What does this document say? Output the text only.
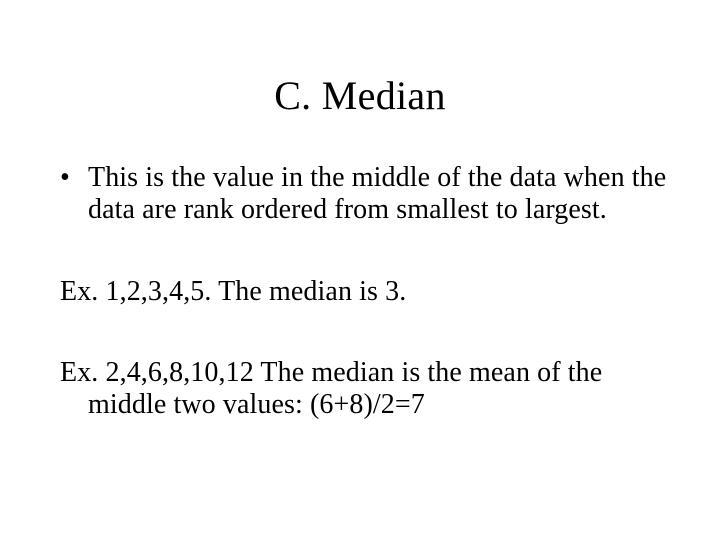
C. Median
• This is the value in the middle of the data when the
data are rank ordered from smallest to largest.
Ex. 1,2,3,4,5. The median is 3.
Ex. 2,4,6,8,10,12 The median is the mean of the
middle two values: (6+8)/2=7
